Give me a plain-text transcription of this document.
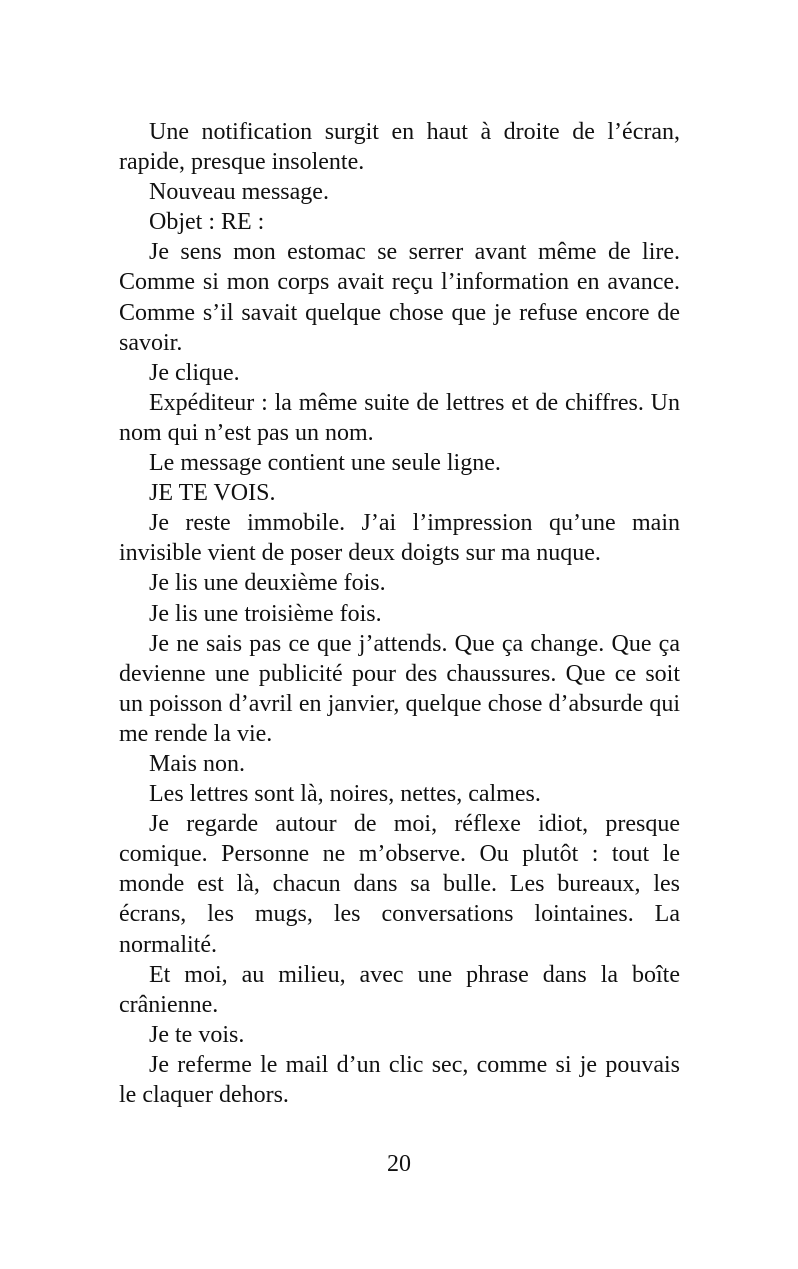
Une notification surgit en haut à droite de l’écran, rapide, presque insolente.

Nouveau message.

Objet : RE :

Je sens mon estomac se serrer avant même de lire. Comme si mon corps avait reçu l’information en avance. Comme s’il savait quelque chose que je refuse encore de savoir.

Je clique.

Expéditeur : la même suite de lettres et de chiffres. Un nom qui n’est pas un nom.

Le message contient une seule ligne.

JE TE VOIS.

Je reste immobile. J’ai l’impression qu’une main invisible vient de poser deux doigts sur ma nuque.

Je lis une deuxième fois.

Je lis une troisième fois.

Je ne sais pas ce que j’attends. Que ça change. Que ça devienne une publicité pour des chaussures. Que ce soit un poisson d’avril en janvier, quelque chose d’absurde qui me rende la vie.

Mais non.

Les lettres sont là, noires, nettes, calmes.

Je regarde autour de moi, réflexe idiot, presque comique. Personne ne m’observe. Ou plutôt : tout le monde est là, chacun dans sa bulle. Les bureaux, les écrans, les mugs, les conversations lointaines. La normalité.

Et moi, au milieu, avec une phrase dans la boîte crânienne.

Je te vois.

Je referme le mail d’un clic sec, comme si je pouvais le claquer dehors.

20
